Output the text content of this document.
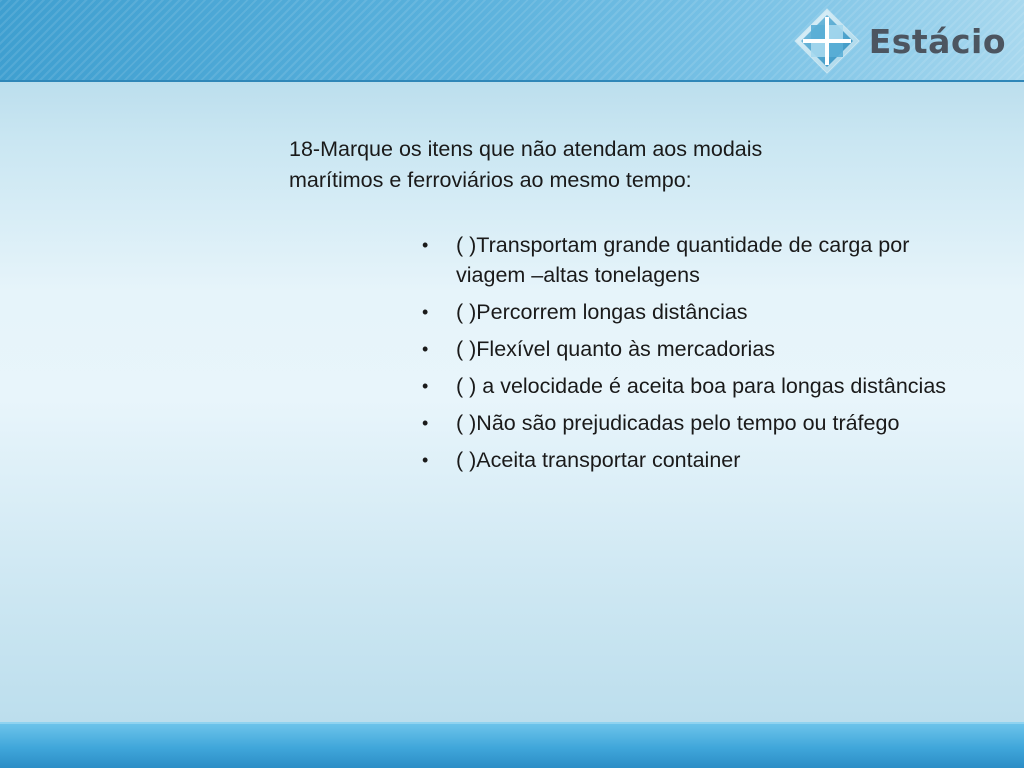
Estácio

18-Marque os itens que não atendam aos modais marítimos e ferroviários ao mesmo tempo:

• ( )Transportam grande quantidade de carga por viagem –altas tonelagens
• ( )Percorrem longas distâncias
• ( )Flexível quanto às mercadorias
• ( ) a velocidade é aceita boa para longas distâncias
• ( )Não são prejudicadas pelo tempo ou tráfego
• ( )Aceita transportar container
